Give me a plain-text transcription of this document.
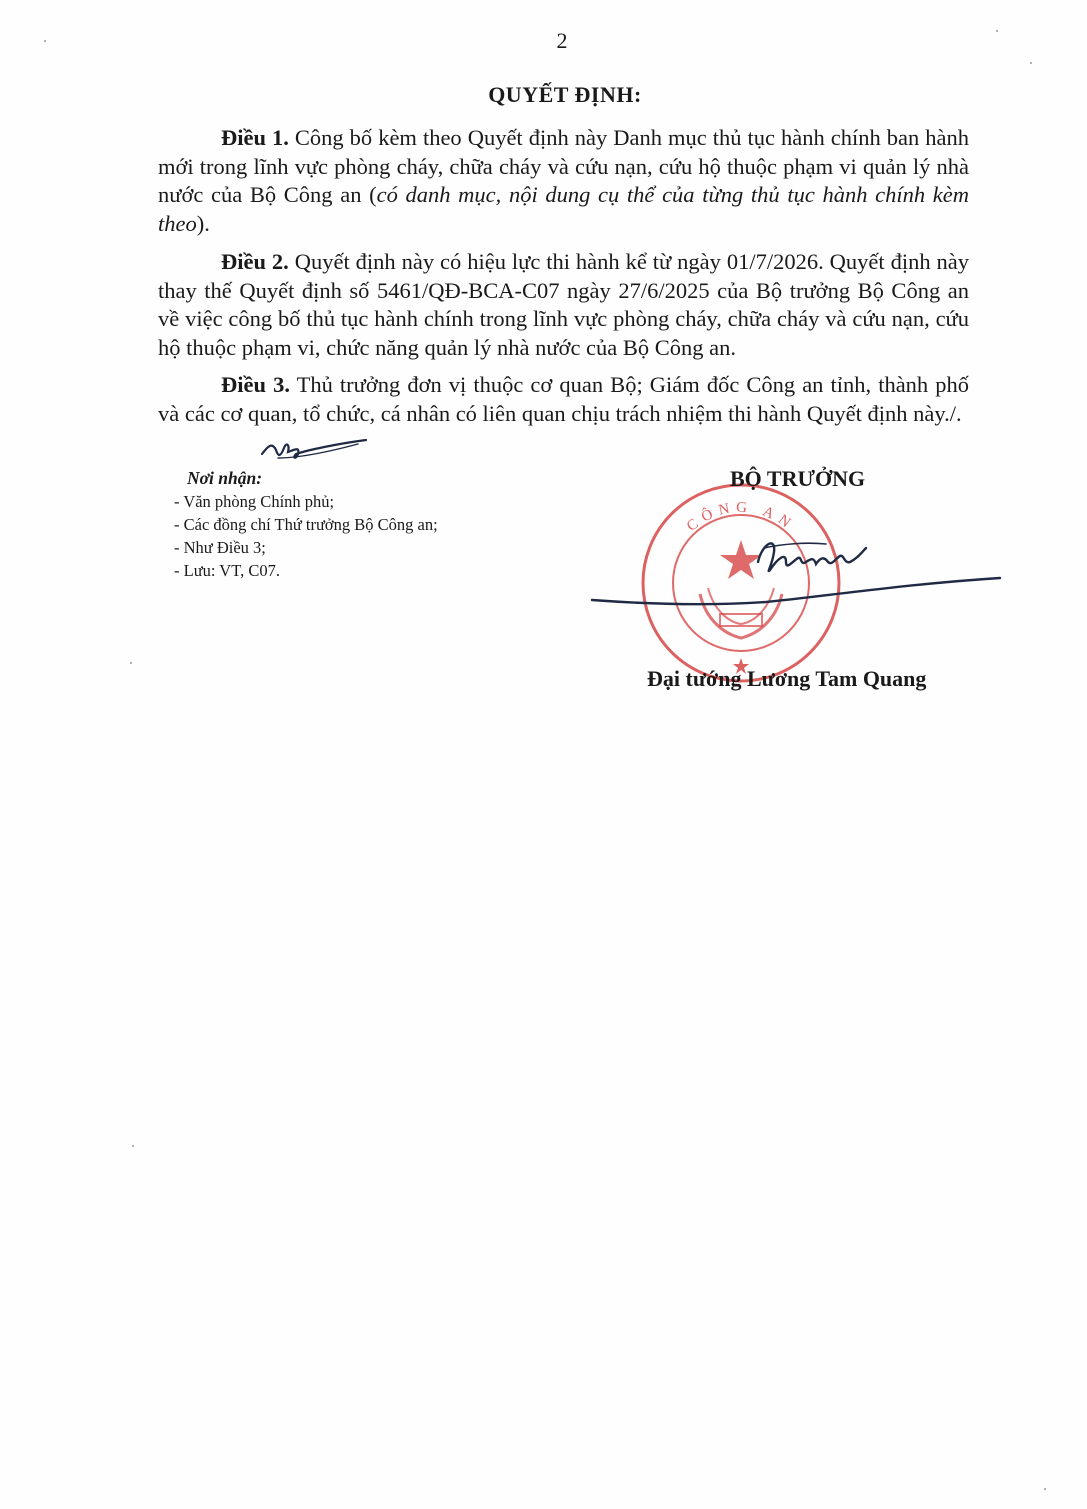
2
QUYẾT ĐỊNH:

Điều 1. Công bố kèm theo Quyết định này Danh mục thủ tục hành chính ban hành mới trong lĩnh vực phòng cháy, chữa cháy và cứu nạn, cứu hộ thuộc phạm vi quản lý nhà nước của Bộ Công an (có danh mục, nội dung cụ thể của từng thủ tục hành chính kèm theo).

Điều 2. Quyết định này có hiệu lực thi hành kể từ ngày 01/7/2026. Quyết định này thay thế Quyết định số 5461/QĐ-BCA-C07 ngày 27/6/2025 của Bộ trưởng Bộ Công an về việc công bố thủ tục hành chính trong lĩnh vực phòng cháy, chữa cháy và cứu nạn, cứu hộ thuộc phạm vi, chức năng quản lý nhà nước của Bộ Công an.

Điều 3. Thủ trưởng đơn vị thuộc cơ quan Bộ; Giám đốc Công an tỉnh, thành phố và các cơ quan, tổ chức, cá nhân có liên quan chịu trách nhiệm thi hành Quyết định này./.

Nơi nhận:
- Văn phòng Chính phủ;
- Các đồng chí Thứ trưởng Bộ Công an;
- Như Điều 3;
- Lưu: VT, C07.
CÔNG AN
BỘ TRƯỞNG
Đại tướng Lương Tam Quang
